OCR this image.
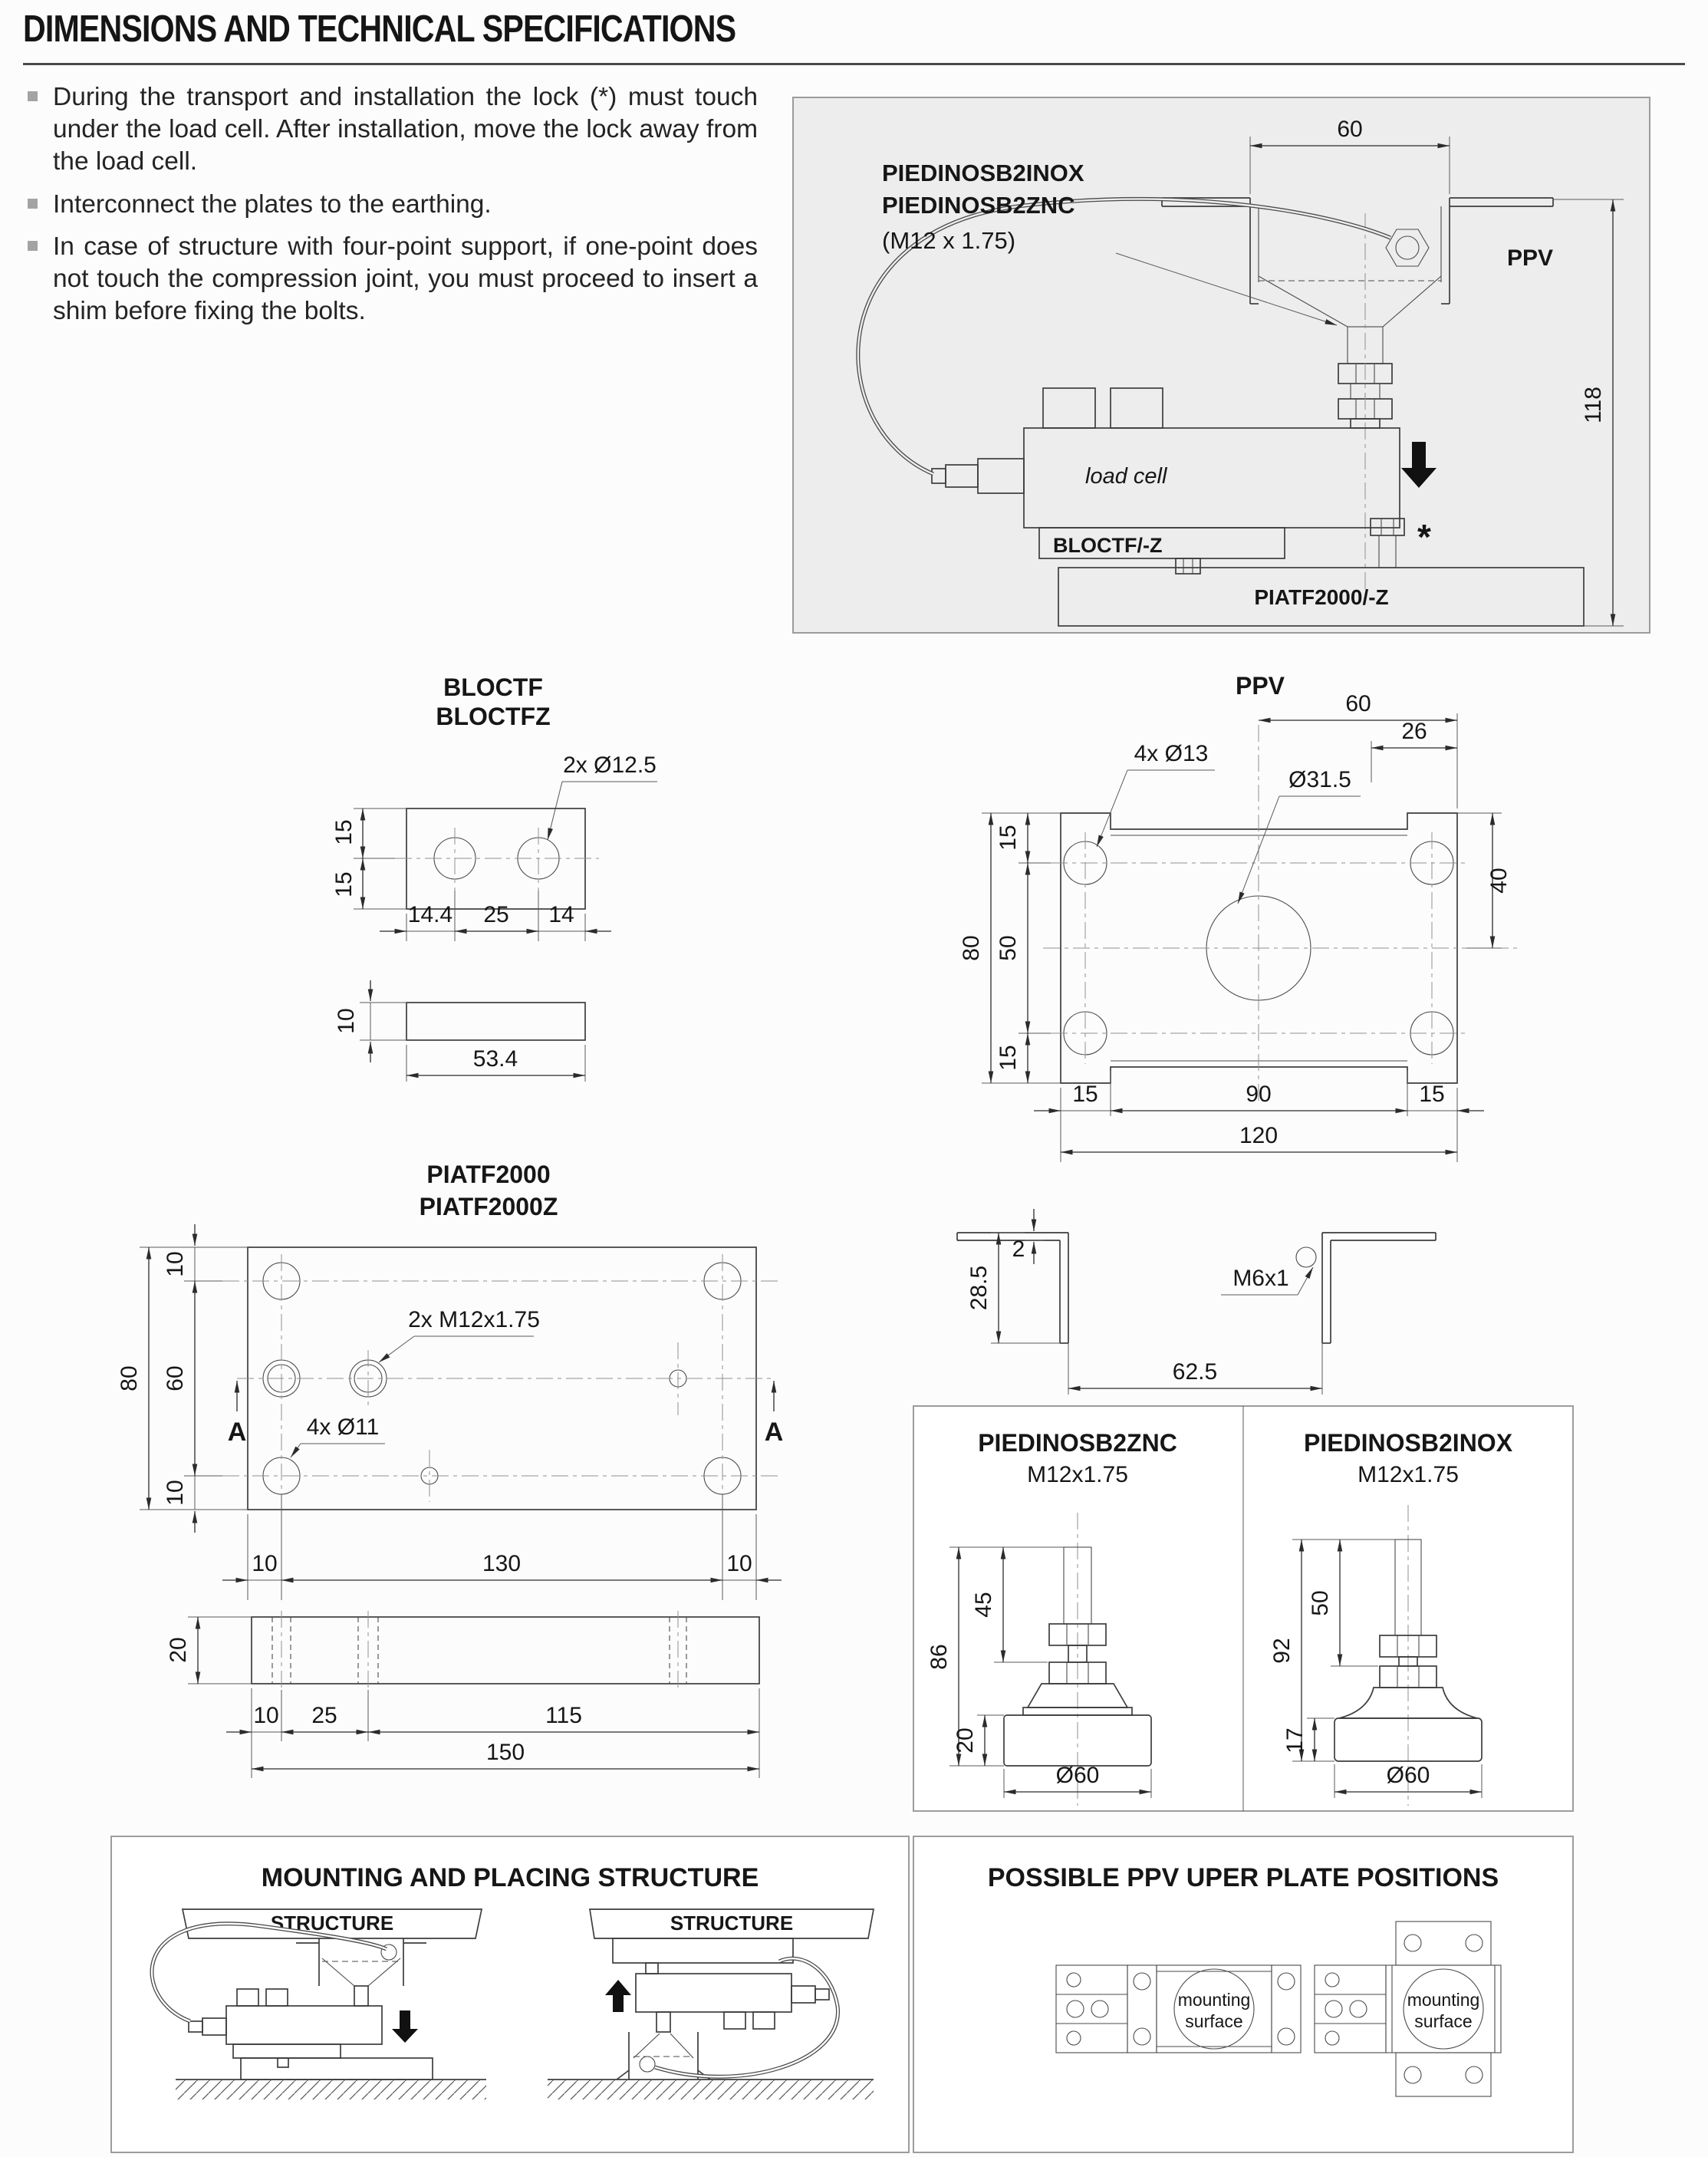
DIMENSIONS AND TECHNICAL SPECIFICATIONS
During the transport and installation the lock (*) must touch under the load cell. After installation, move the lock away from the load cell.
Interconnect the plates to the earthing.
In case of structure with four-point support, if one-point does not touch the compression joint, you must proceed to insert a shim before fixing the bolts.
60
load cell
BLOCTF/-Z	*
PIATF2000/-Z
118
PPV
PIEDINOSB2INOX
PIEDINOSB2ZNC
(M12 x 1.75)
BLOCTF
BLOCTFZ
2x Ø12.5
15
15
14.4 25 14
10
53.4
PPV
60
26
4x Ø13
Ø31.5
15
50
15
80
40
15	90	15
120
M6x1
28.5
2
62.5
PIATF2000
PIATF2000Z
2x M12x1.75
4x Ø11
A	A
10
60
10
80
10	130	10
20
10 25	115
150
PIEDINOSB2ZNC
M12x1.75
45
86
20
Ø60
PIEDINOSB2INOX
M12x1.75
50
92
17
Ø60
MOUNTING AND PLACING STRUCTURE
STRUCTURE	STRUCTURE
POSSIBLE PPV UPER PLATE POSITIONS
mounting
surface
mounting
surface
